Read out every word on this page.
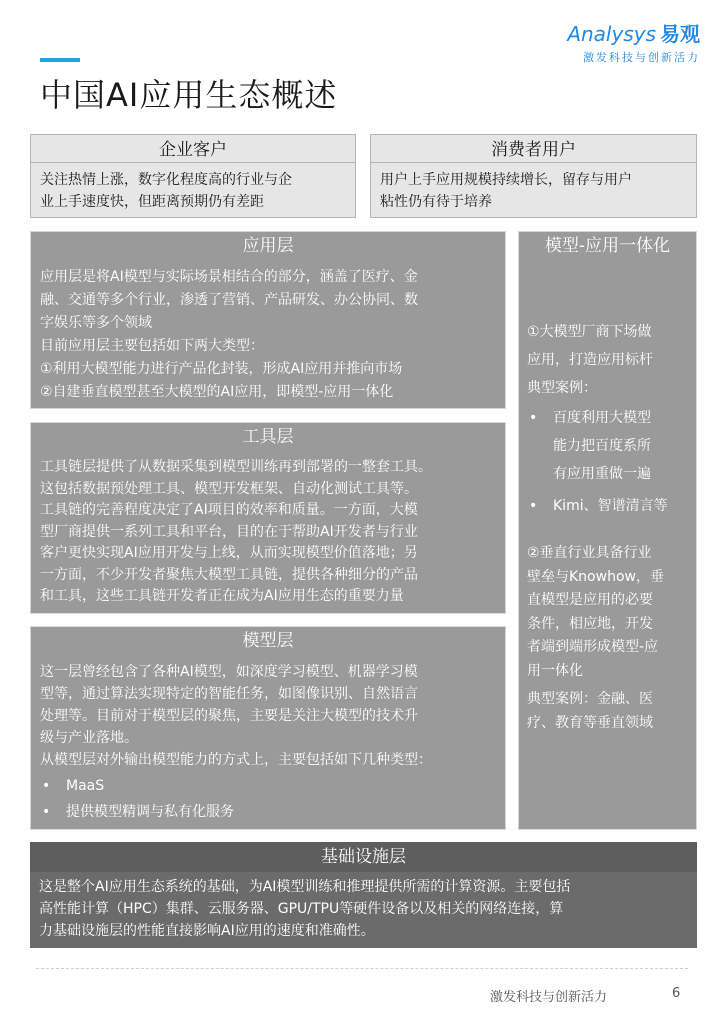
Analysys 易观
激发科技与创新活力
中国AI应用生态概述
企业客户
关注热情上涨，数字化程度高的行业与企
业上手速度快，但距离预期仍有差距
消费者用户
用户上手应用规模持续增长，留存与用户
粘性仍有待于培养
应用层
应用层是将AI模型与实际场景相结合的部分，涵盖了医疗、金
融、交通等多个行业，渗透了营销、产品研发、办公协同、数
字娱乐等多个领域
目前应用层主要包括如下两大类型：
①利用大模型能力进行产品化封装，形成AI应用并推向市场
②自建垂直模型甚至大模型的AI应用，即模型-应用一体化
工具层
工具链层提供了从数据采集到模型训练再到部署的一整套工具。
这包括数据预处理工具、模型开发框架、自动化测试工具等。
工具链的完善程度决定了AI项目的效率和质量。一方面，大模
型厂商提供一系列工具和平台，目的在于帮助AI开发者与行业
客户更快实现AI应用开发与上线，从而实现模型价值落地；另
一方面，不少开发者聚焦大模型工具链，提供各种细分的产品
和工具，这些工具链开发者正在成为AI应用生态的重要力量
模型层
这一层曾经包含了各种AI模型，如深度学习模型、机器学习模
型等，通过算法实现特定的智能任务，如图像识别、自然语言
处理等。目前对于模型层的聚焦，主要是关注大模型的技术升
级与产业落地。
从模型层对外输出模型能力的方式上，主要包括如下几种类型：
• MaaS
• 提供模型精调与私有化服务
模型-应用一体化
①大模型厂商下场做
应用，打造应用标杆
典型案例：
• 百度利用大模型
能力把百度系所
有应用重做一遍
• Kimi、智谱清言等
②垂直行业具备行业
壁垒与Knowhow，垂
直模型是应用的必要
条件，相应地，开发
者端到端形成模型-应
用一体化
典型案例：金融、医
疗、教育等垂直领域
基础设施层
这是整个AI应用生态系统的基础，为AI模型训练和推理提供所需的计算资源。主要包括
高性能计算（HPC）集群、云服务器、GPU/TPU等硬件设备以及相关的网络连接，算
力基础设施层的性能直接影响AI应用的速度和准确性。
激发科技与创新活力	6
